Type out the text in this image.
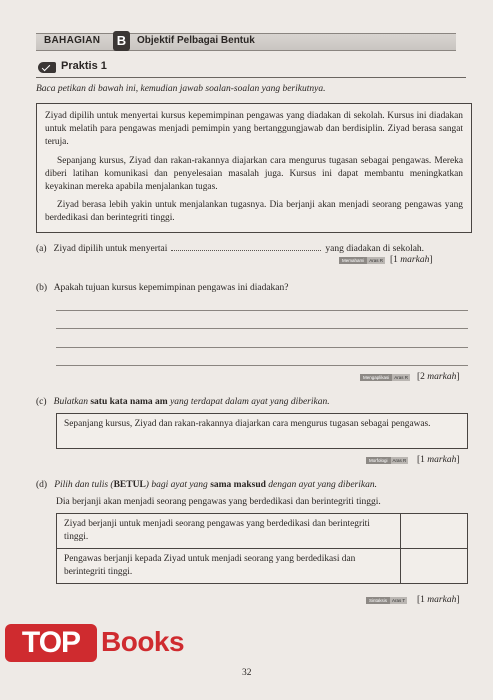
BAHAGIAN B	Objektif Pelbagai Bentuk
Praktis 1
Baca petikan di bawah ini, kemudian jawab soalan-soalan yang berikutnya.

Ziyad dipilih untuk menyertai kursus kepemimpinan pengawas yang diadakan di sekolah. Kursus ini diadakan untuk melatih para pengawas menjadi pemimpin yang bertanggungjawab dan berdisiplin. Ziyad berasa sangat teruja.

Sepanjang kursus, Ziyad dan rakan-rakannya diajarkan cara mengurus tugasan sebagai pengawas. Mereka diberi latihan komunikasi dan penyelesaian masalah juga. Kursus ini dapat membantu meningkatkan keyakinan mereka apabila menjalankan tugas.

Ziyad berasa lebih yakin untuk menjalankan tugasnya. Dia berjanji akan menjadi seorang pengawas yang berdedikasi dan berintegriti tinggi.

(a) Ziyad dipilih untuk menyertai	yang diadakan di sekolah.
Memahami	Aras R [1 markah]
(b) Apakah tujuan kursus kepemimpinan pengawas ini diadakan?
Mengaplikasi	Aras R [2 markah]
(c) Bulatkan satu kata nama am yang terdapat dalam ayat yang diberikan.
Sepanjang kursus, Ziyad dan rakan-rakannya diajarkan cara mengurus tugasan sebagai pengawas.
Morfologi	Aras R [1 markah]
(d) Pilih dan tulis (BETUL) bagi ayat yang sama maksud dengan ayat yang diberikan.
Dia berjanji akan menjadi seorang pengawas yang berdedikasi dan berintegriti tinggi.
Ziyad berjanji untuk menjadi seorang pengawas yang berdedikasi dan berintegriti tinggi.	
Pengawas berjanji kepada Ziyad untuk menjadi seorang yang berdedikasi dan berintegriti tinggi.	
Sintaksis	Aras T [1 markah]
TOP Books
32
